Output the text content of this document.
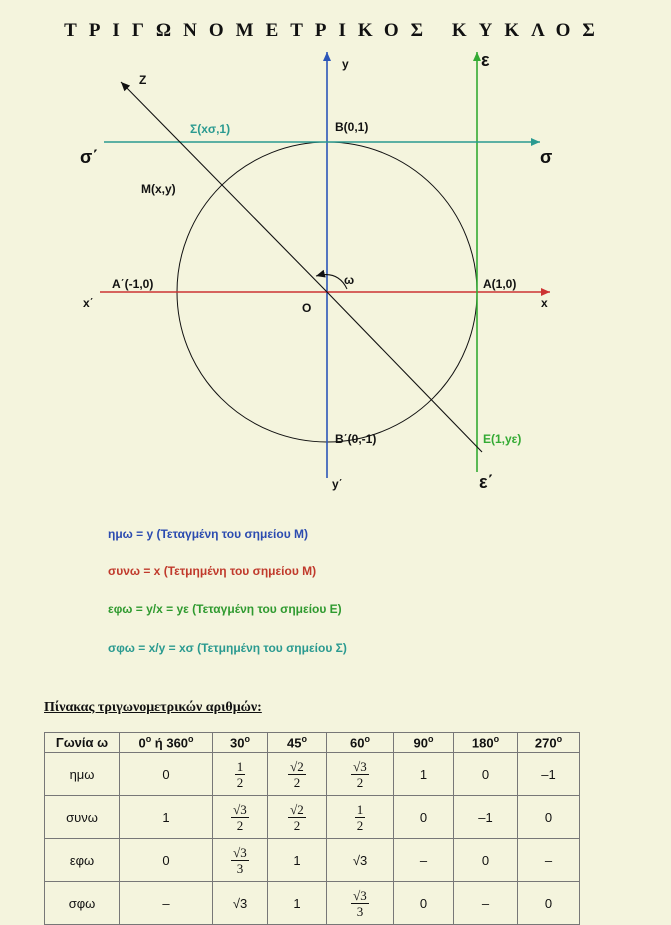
ΤΡΙΓΩΝΟΜΕΤΡΙΚΟΣ ΚΥΚΛΟΣ
Z
y	ε
Σ(xσ,1)	B(0,1)
σ΄	σ
M(x,y)
A΄(-1,0)	A(1,0)
x΄	x
O
ω
B΄(0,-1)	E(1,yε)
y΄	ε΄
ημω = y (Τεταγμένη του σημείου Μ)
συνω = x (Τετμημένη του σημείου Μ)
εφω = y/x = yε (Τεταγμένη του σημείου Ε)
σφω = x/y = xσ (Τετμημένη του σημείου Σ)
Πίνακας τριγωνομετρικών αριθμών:
Γωνία ω	$0^o$ ή $360^o$	$30^o$	$45^o$	$60^o$	$90^o$	$180^o$	$270^o$
ημω	0	$\frac{1}{2}$	$\frac{√2}{2}$	$\frac{√3}{2}$	1	0	–1
συνω	1	$\frac{√3}{2}$	$\frac{√2}{2}$	$\frac{1}{2}$	0	–1	0
εφω	0	$\frac{√3}{3}$	1	√3	–	0	–
σφω	–	√3	1	$\frac{√3}{3}$	0	–	0
